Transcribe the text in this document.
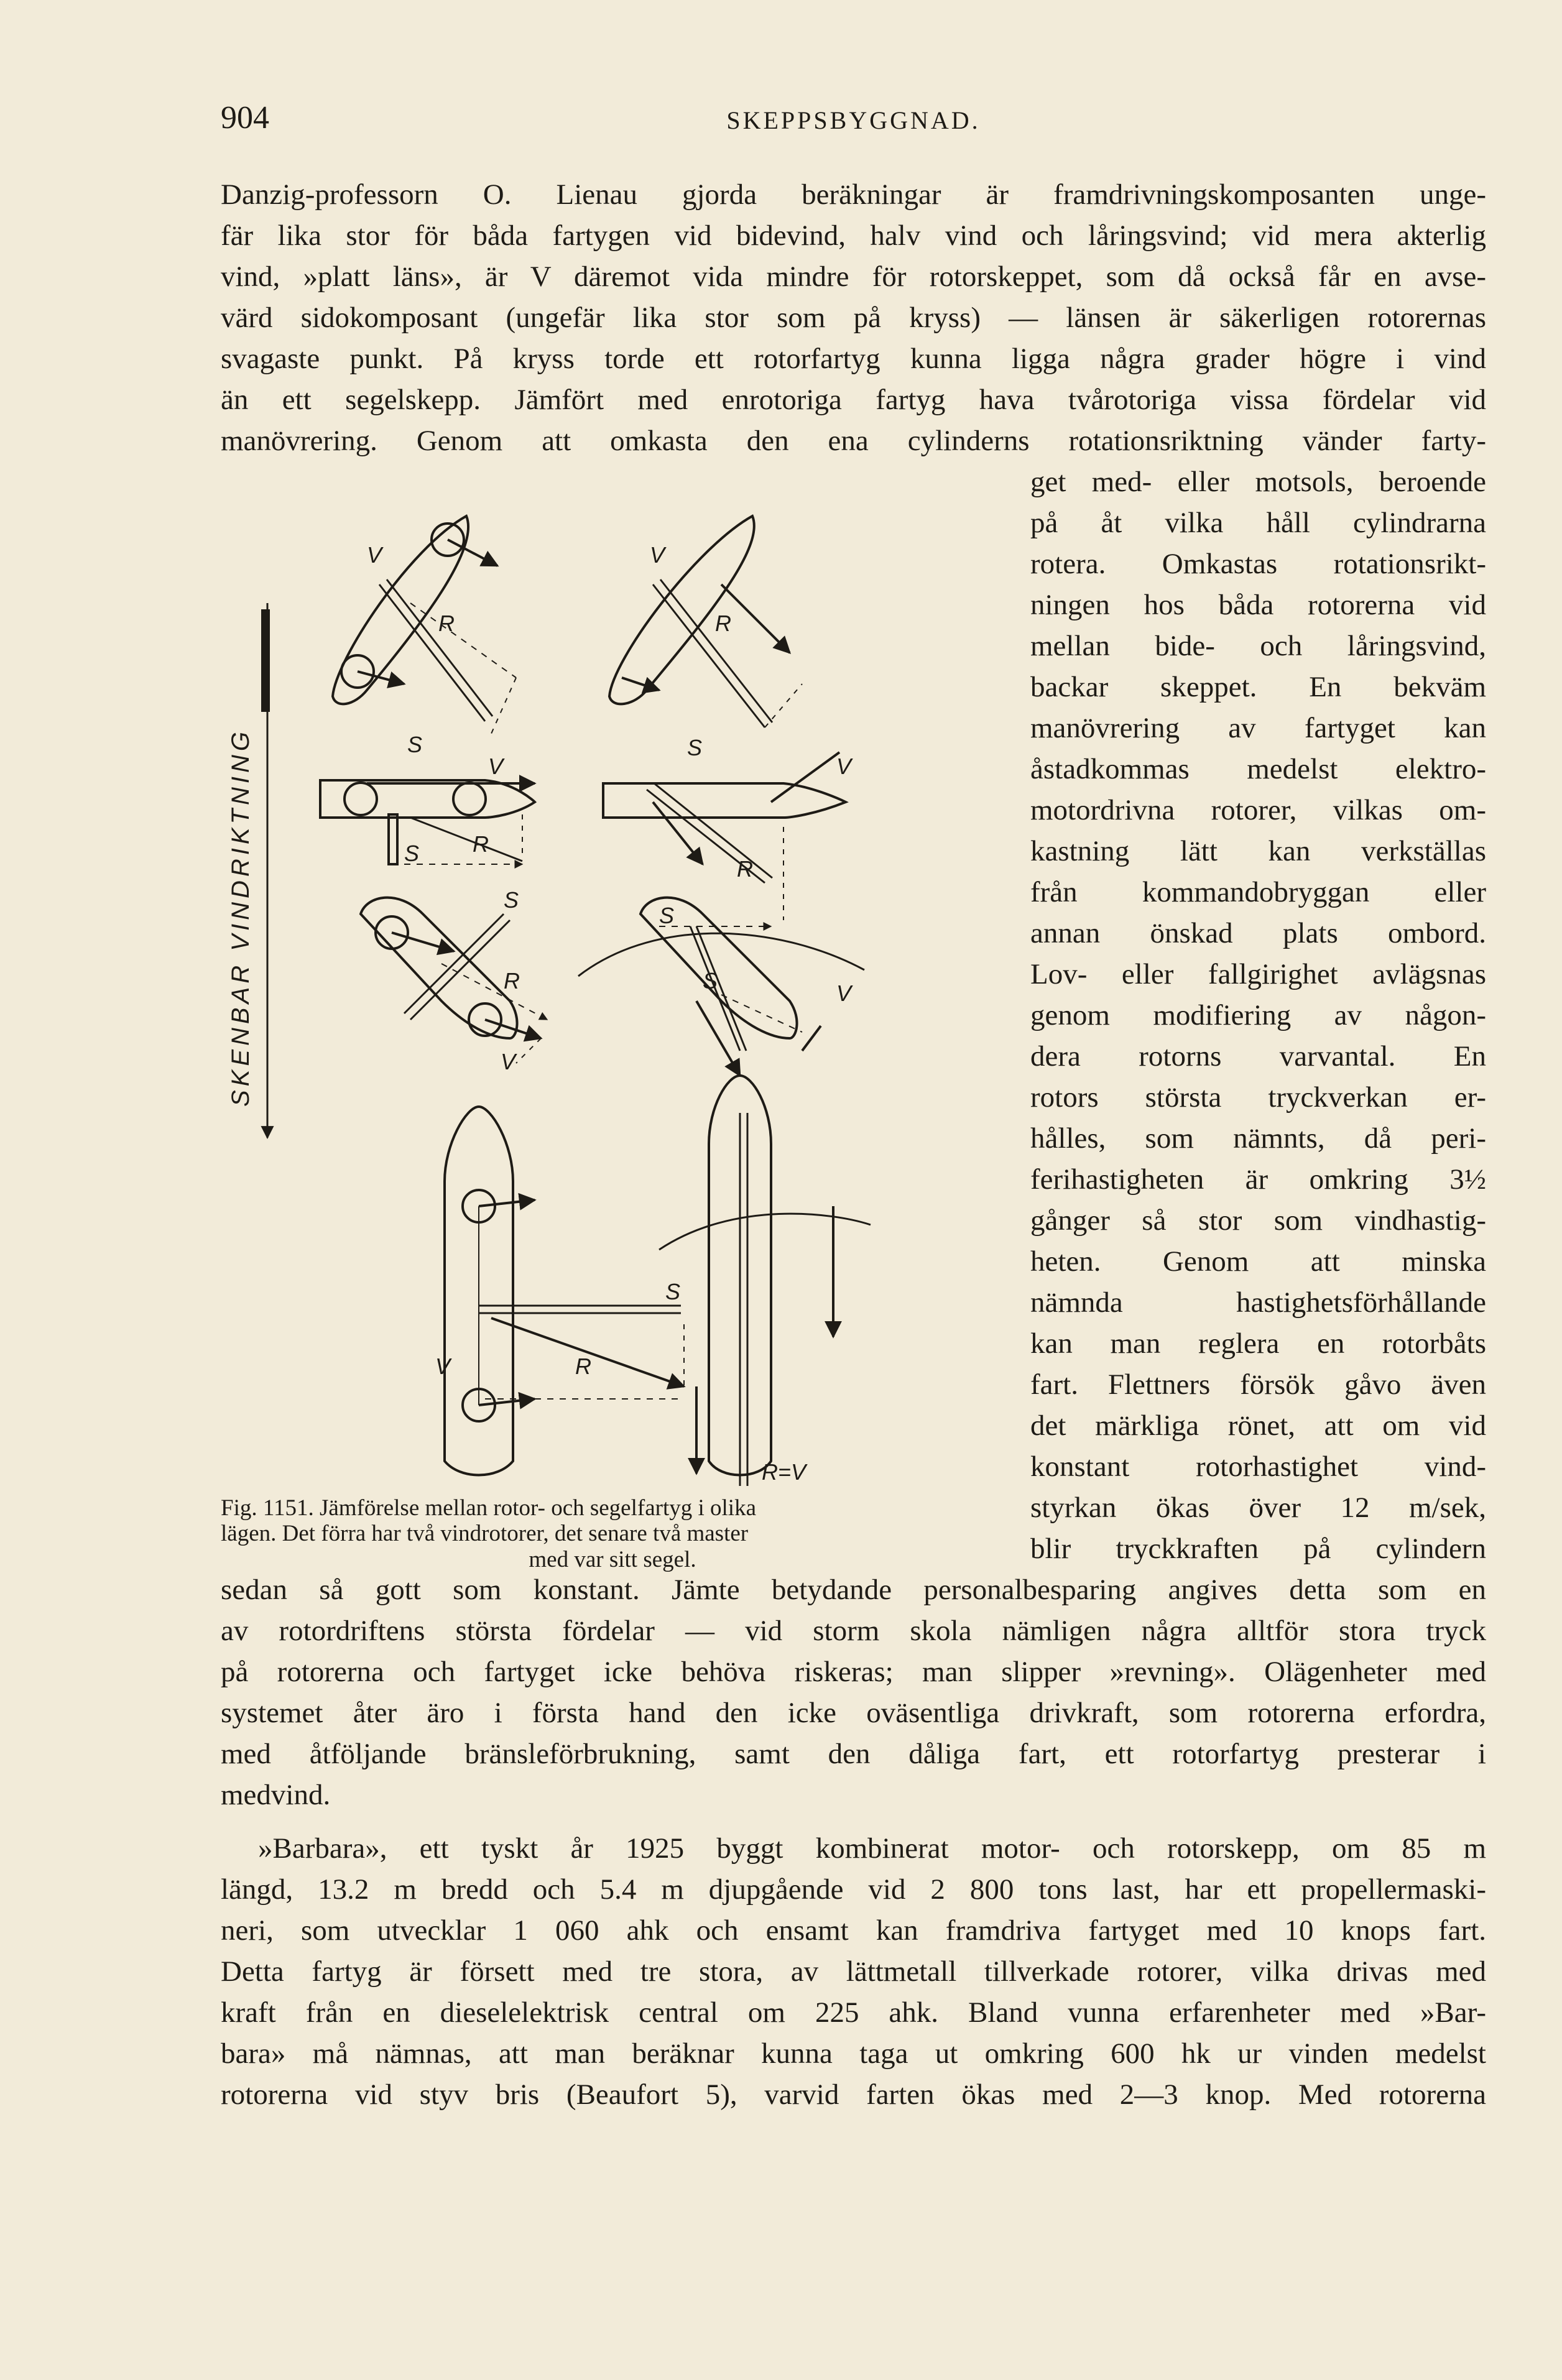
904	SKEPPSBYGGNAD.
Danzig-professorn O. Lienau gjorda beräkningar är framdrivningskomposanten unge-
fär lika stor för båda fartygen vid bidevind, halv vind och låringsvind; vid mera akterlig
vind, »platt läns», är V däremot vida mindre för rotorskeppet, som då också får en avse-
värd sidokomposant (ungefär lika stor som på kryss) — länsen är säkerligen rotorernas
svagaste punkt. På kryss torde ett rotorfartyg kunna ligga några grader högre i vind
än ett segelskepp. Jämfört med enrotoriga fartyg hava tvårotoriga vissa fördelar vid
manövrering. Genom att omkasta den ena cylinderns rotationsriktning vänder farty-
get med- eller motsols, beroende
på åt vilka håll cylindrarna
rotera. Omkastas rotationsrikt-
ningen hos båda rotorerna vid
mellan bide- och låringsvind,
backar skeppet. En bekväm
manövrering av fartyget kan
åstadkommas medelst elektro-
motordrivna rotorer, vilkas om-
kastning lätt kan verkställas
från kommandobryggan eller
annan önskad plats ombord.
Lov- eller fallgirighet avlägsnas
genom modifiering av någon-
dera rotorns varvantal. En
rotors största tryckverkan er-
hålles, som nämnts, då peri-
ferihastigheten är omkring 3½
gånger så stor som vindhastig-
heten. Genom att minska
nämnda hastighetsförhållande
kan man reglera en rotorbåts
fart. Flettners försök gåvo även
det märkliga rönet, att om vid
konstant rotorhastighet vind-
styrkan ökas över 12 m/sek,
blir tryckkraften på cylindern
sedan så gott som konstant. Jämte betydande personalbesparing angives detta som en
av rotordriftens största fördelar — vid storm skola nämligen några alltför stora tryck
på rotorerna och fartyget icke behöva riskeras; man slipper »revning». Olägenheter med
systemet åter äro i första hand den icke oväsentliga drivkraft, som rotorerna erfordra,
med åtföljande bränsleförbrukning, samt den dåliga fart, ett rotorfartyg presterar i
medvind.
»Barbara», ett tyskt år 1925 byggt kombinerat motor- och rotorskepp, om 85 m
längd, 13.2 m bredd och 5.4 m djupgående vid 2 800 tons last, har ett propellermaski-
neri, som utvecklar 1 060 ahk och ensamt kan framdriva fartyget med 10 knops fart.
Detta fartyg är försett med tre stora, av lättmetall tillverkade rotorer, vilka drivas med
kraft från en dieselelektrisk central om 225 ahk. Bland vunna erfarenheter med »Bar-
bara» må nämnas, att man beräknar kunna taga ut omkring 600 hk ur vinden medelst
rotorerna vid styv bris (Beaufort 5), varvid farten ökas med 2—3 knop. Med rotorerna
SKENBAR VINDRIKTNING
V
R
S
V
R
S
V
S R
V
R
S
S
R
V
S	V
S
R
V
R=V
Fig. 1151. Jämförelse mellan rotor- och segelfartyg i olika
lägen. Det förra har två vindrotorer, det senare två master
med var sitt segel.
